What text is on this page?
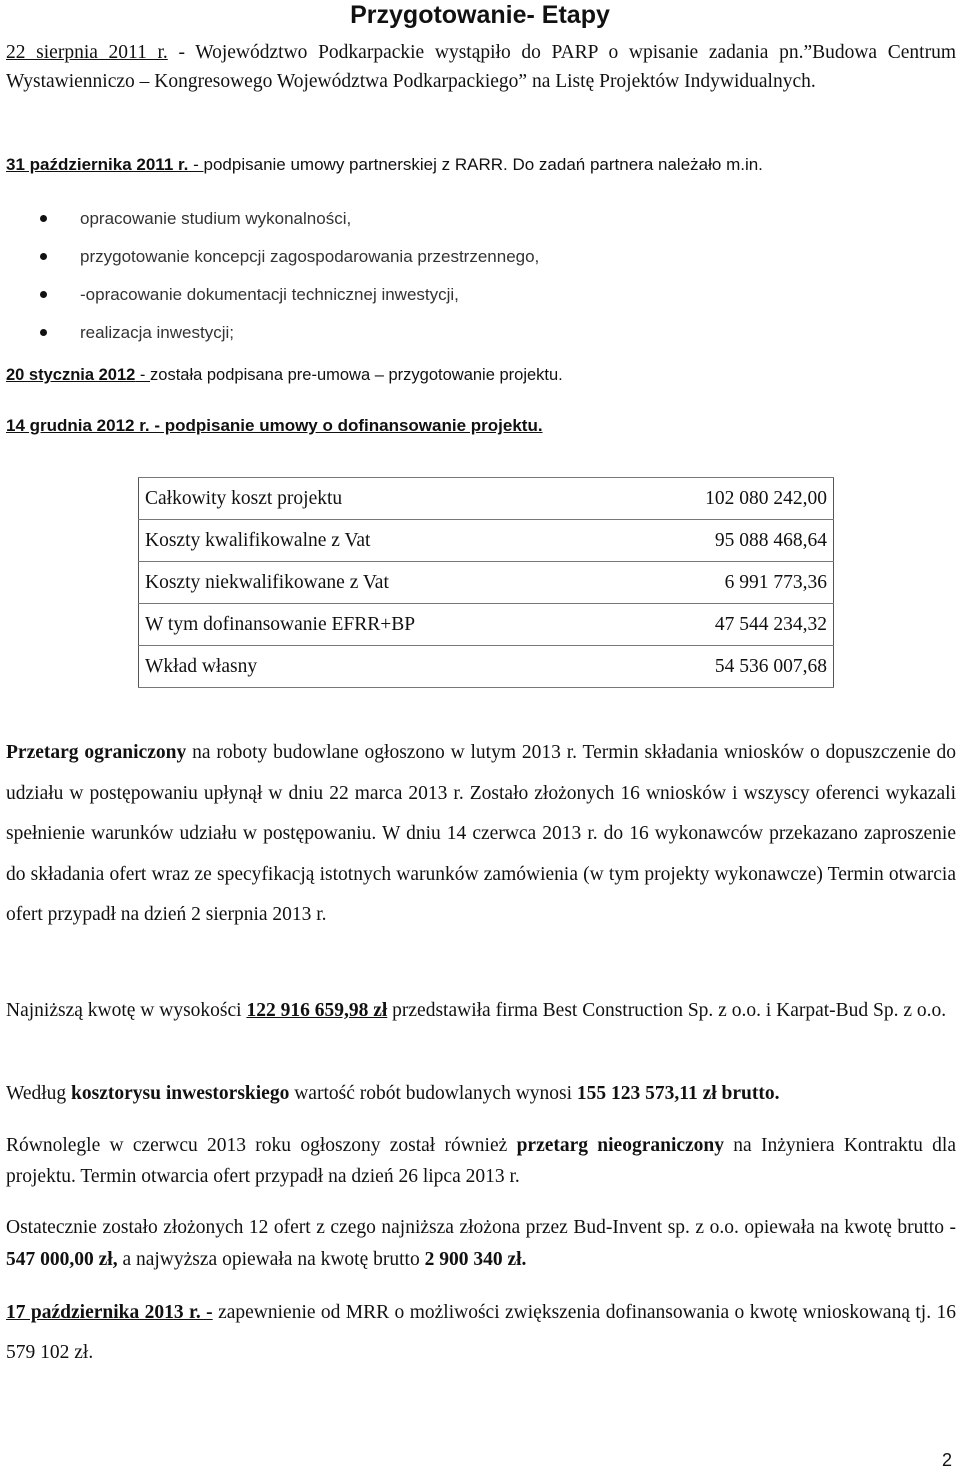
Przygotowanie- Etapy

22 sierpnia 2011 r. - Województwo Podkarpackie wystąpiło do PARP o wpisanie zadania pn.”Budowa Centrum Wystawienniczo – Kongresowego Województwa Podkarpackiego” na Listę Projektów Indywidualnych.

31 października 2011 r. - podpisanie umowy partnerskiej z RARR. Do zadań partnera należało m.in.

opracowanie studium wykonalności,
przygotowanie koncepcji zagospodarowania przestrzennego,
-opracowanie dokumentacji technicznej inwestycji,
realizacja inwestycji;

20 stycznia 2012 - została podpisana pre-umowa – przygotowanie projektu.

14 grudnia 2012 r. - podpisanie umowy o dofinansowanie projektu.

Całkowity koszt projektu	102 080 242,00
Koszty kwalifikowalne z Vat	95 088 468,64
Koszty niekwalifikowane z Vat	6 991 773,36
W tym dofinansowanie EFRR+BP	47 544 234,32
Wkład własny	54 536 007,68

Przetarg ograniczony na roboty budowlane ogłoszono w lutym 2013 r. Termin składania wniosków o dopuszczenie do udziału w postępowaniu upłynął w dniu 22 marca 2013 r. Zostało złożonych 16 wniosków i wszyscy oferenci wykazali spełnienie warunków udziału w postępowaniu. W dniu 14 czerwca 2013 r. do 16 wykonawców przekazano zaproszenie do składania ofert wraz ze specyfikacją istotnych warunków zamówienia (w tym projekty wykonawcze) Termin otwarcia ofert przypadł na dzień 2 sierpnia 2013 r.

Najniższą kwotę w wysokości 122 916 659,98 zł przedstawiła firma Best Construction Sp. z o.o. i Karpat-Bud Sp. z o.o.

Według kosztorysu inwestorskiego wartość robót budowlanych wynosi 155 123 573,11 zł brutto.

Równolegle w czerwcu 2013 roku ogłoszony został również przetarg nieograniczony na Inżyniera Kontraktu dla projektu. Termin otwarcia ofert przypadł na dzień 26 lipca 2013 r.

Ostatecznie zostało złożonych 12 ofert z czego najniższa złożona przez Bud-Invent sp. z o.o. opiewała na kwotę brutto - 547 000,00 zł, a najwyższa opiewała na kwotę brutto 2 900 340 zł.

17 października 2013 r. - zapewnienie od MRR o możliwości zwiększenia dofinansowania o kwotę wnioskowaną tj. 16 579 102 zł.

2
